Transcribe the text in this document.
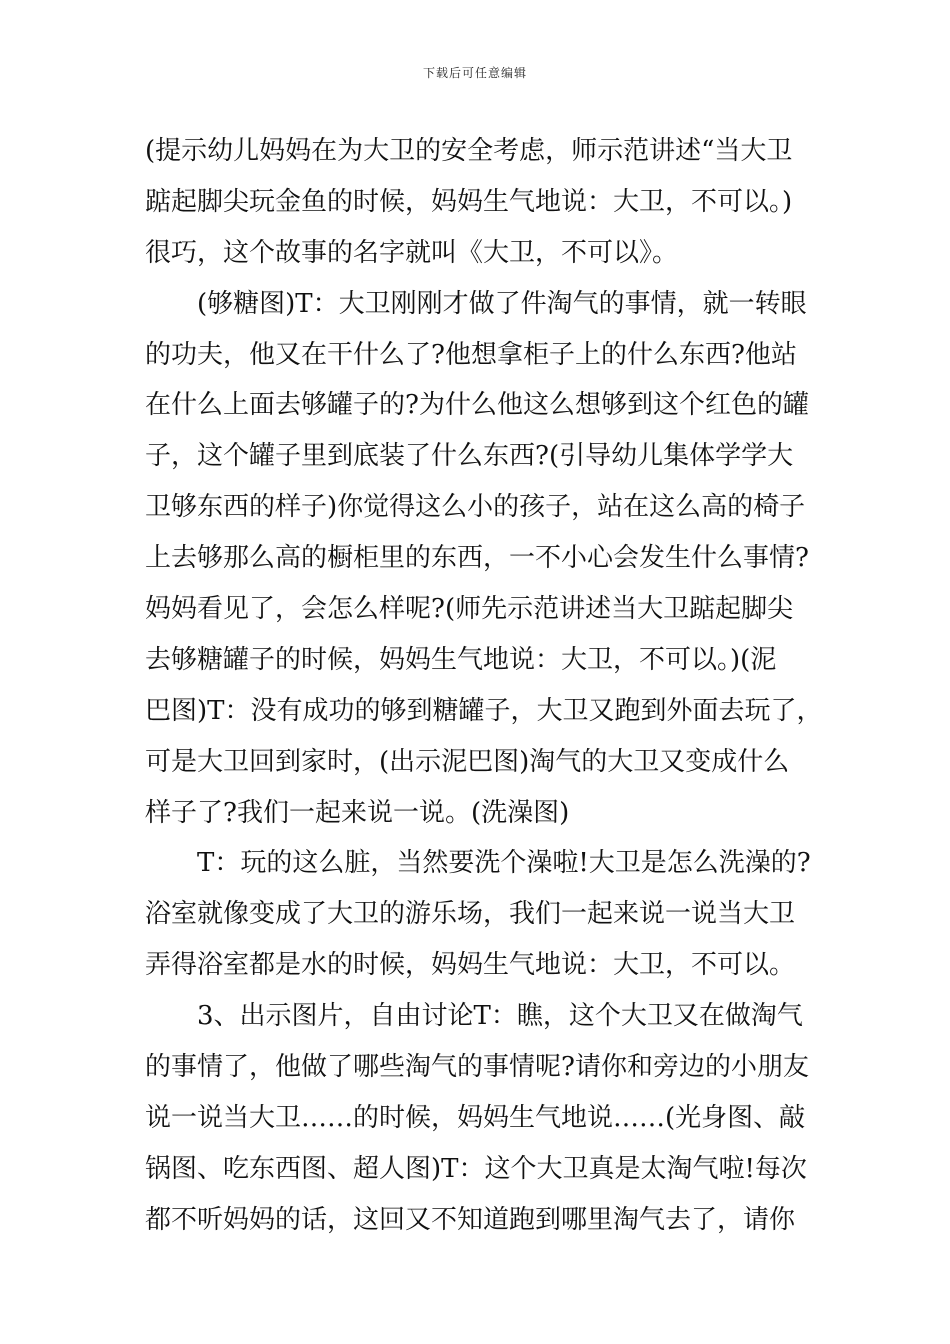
下载后可任意编辑
(提示幼儿妈妈在为大卫的安全考虑，师示范讲述“当大卫
踮起脚尖玩金鱼的时候，妈妈生气地说：大卫，不可以。)
很巧，这个故事的名字就叫《大卫，不可以》。
　　(够糖图)T：大卫刚刚才做了件淘气的事情，就一转眼
的功夫，他又在干什么了?他想拿柜子上的什么东西?他站
在什么上面去够罐子的?为什么他这么想够到这个红色的罐
子，这个罐子里到底装了什么东西?(引导幼儿集体学学大
卫够东西的样子)你觉得这么小的孩子，站在这么高的椅子
上去够那么高的橱柜里的东西，一不小心会发生什么事情?
妈妈看见了，会怎么样呢?(师先示范讲述当大卫踮起脚尖
去够糖罐子的时候，妈妈生气地说：大卫，不可以。)(泥
巴图)T：没有成功的够到糖罐子，大卫又跑到外面去玩了，
可是大卫回到家时，(出示泥巴图)淘气的大卫又变成什么
样子了?我们一起来说一说。(洗澡图)
　　T：玩的这么脏，当然要洗个澡啦!大卫是怎么洗澡的?
浴室就像变成了大卫的游乐场，我们一起来说一说当大卫
弄得浴室都是水的时候，妈妈生气地说：大卫，不可以。
　　3、出示图片，自由讨论T：瞧，这个大卫又在做淘气
的事情了，他做了哪些淘气的事情呢?请你和旁边的小朋友
说一说当大卫……的时候，妈妈生气地说……(光身图、敲
锅图、吃东西图、超人图)T：这个大卫真是太淘气啦!每次
都不听妈妈的话，这回又不知道跑到哪里淘气去了，请你
